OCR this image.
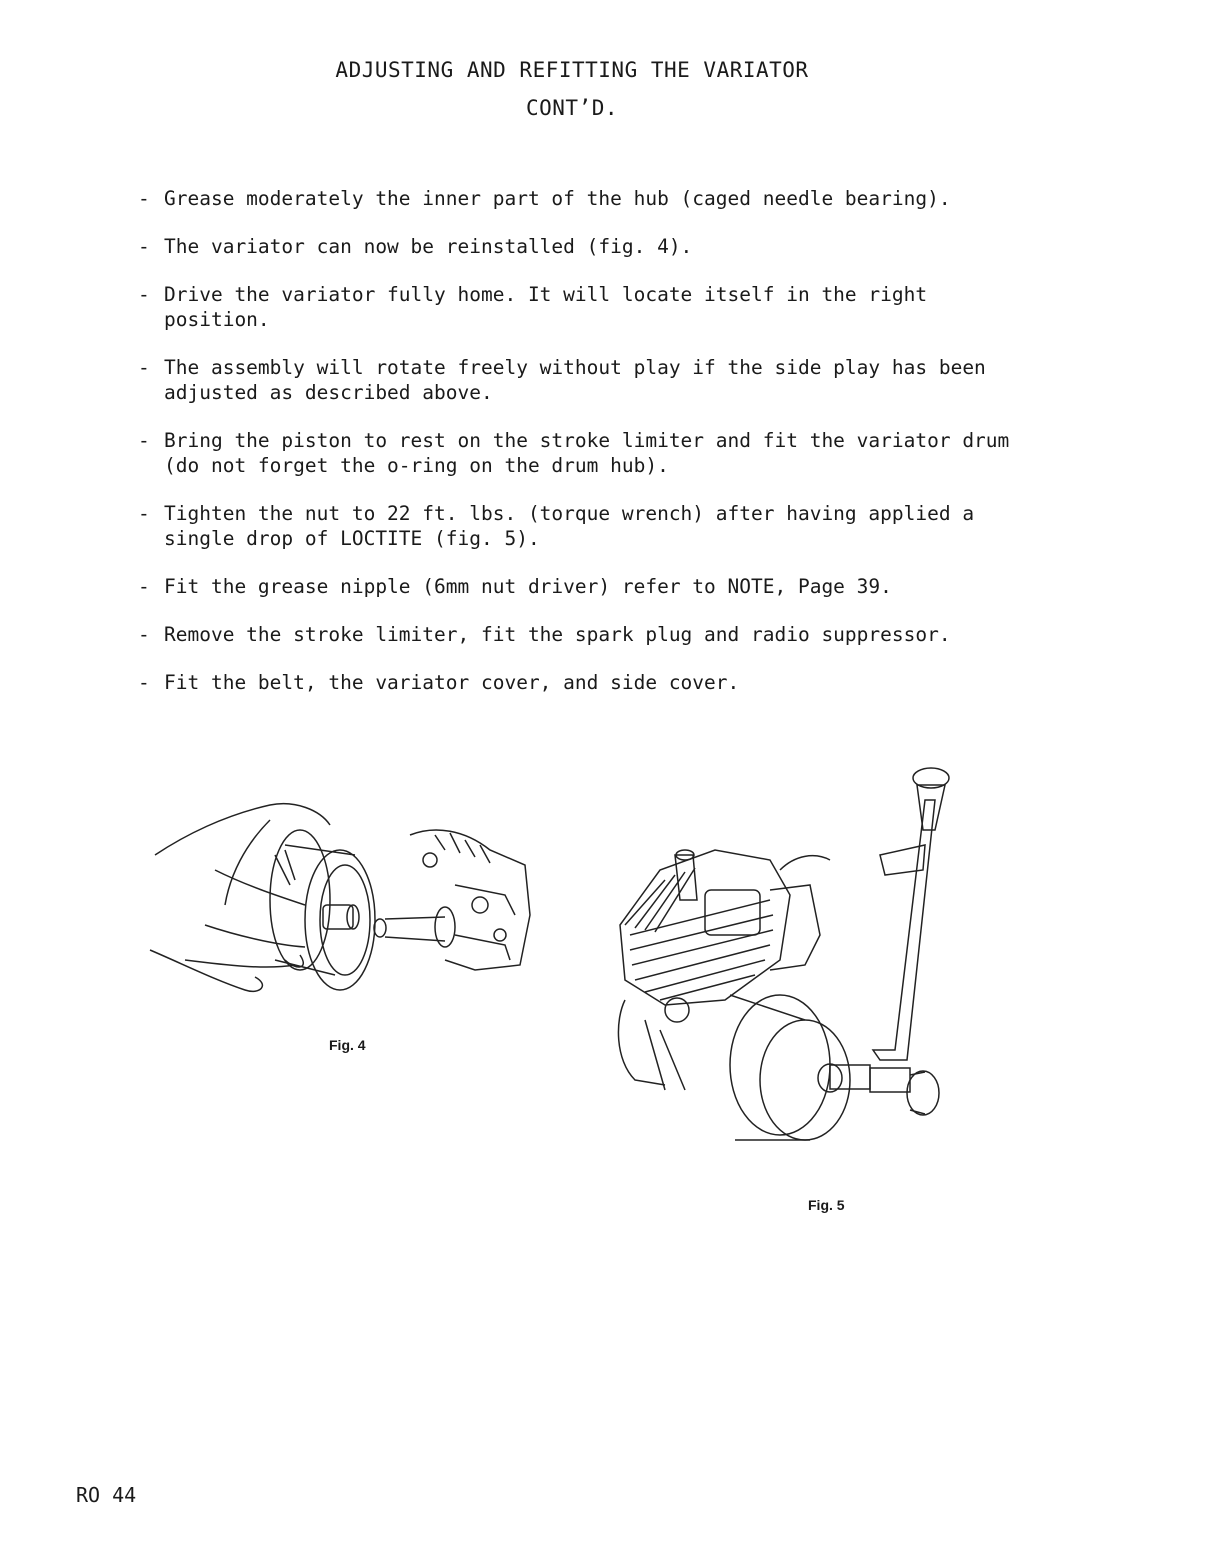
ADJUSTING AND REFITTING THE VARIATOR
CONT’D.
- Grease moderately the inner part of the hub (caged needle bearing).
- The variator can now be reinstalled (fig. 4).
- Drive the variator fully home. It will locate itself in the right position.
- The assembly will rotate freely without play if the side play has been adjusted as described above.
- Bring the piston to rest on the stroke limiter and fit the variator drum (do not forget the o-ring on the drum hub).
- Tighten the nut to 22 ft. lbs. (torque wrench) after having applied a single drop of LOCTITE (fig. 5).
- Fit the grease nipple (6mm nut driver) refer to NOTE, Page 39.
- Remove the stroke limiter, fit the spark plug and radio suppressor.
- Fit the belt, the variator cover, and side cover.
Fig. 4
Fig. 5
RO 44
